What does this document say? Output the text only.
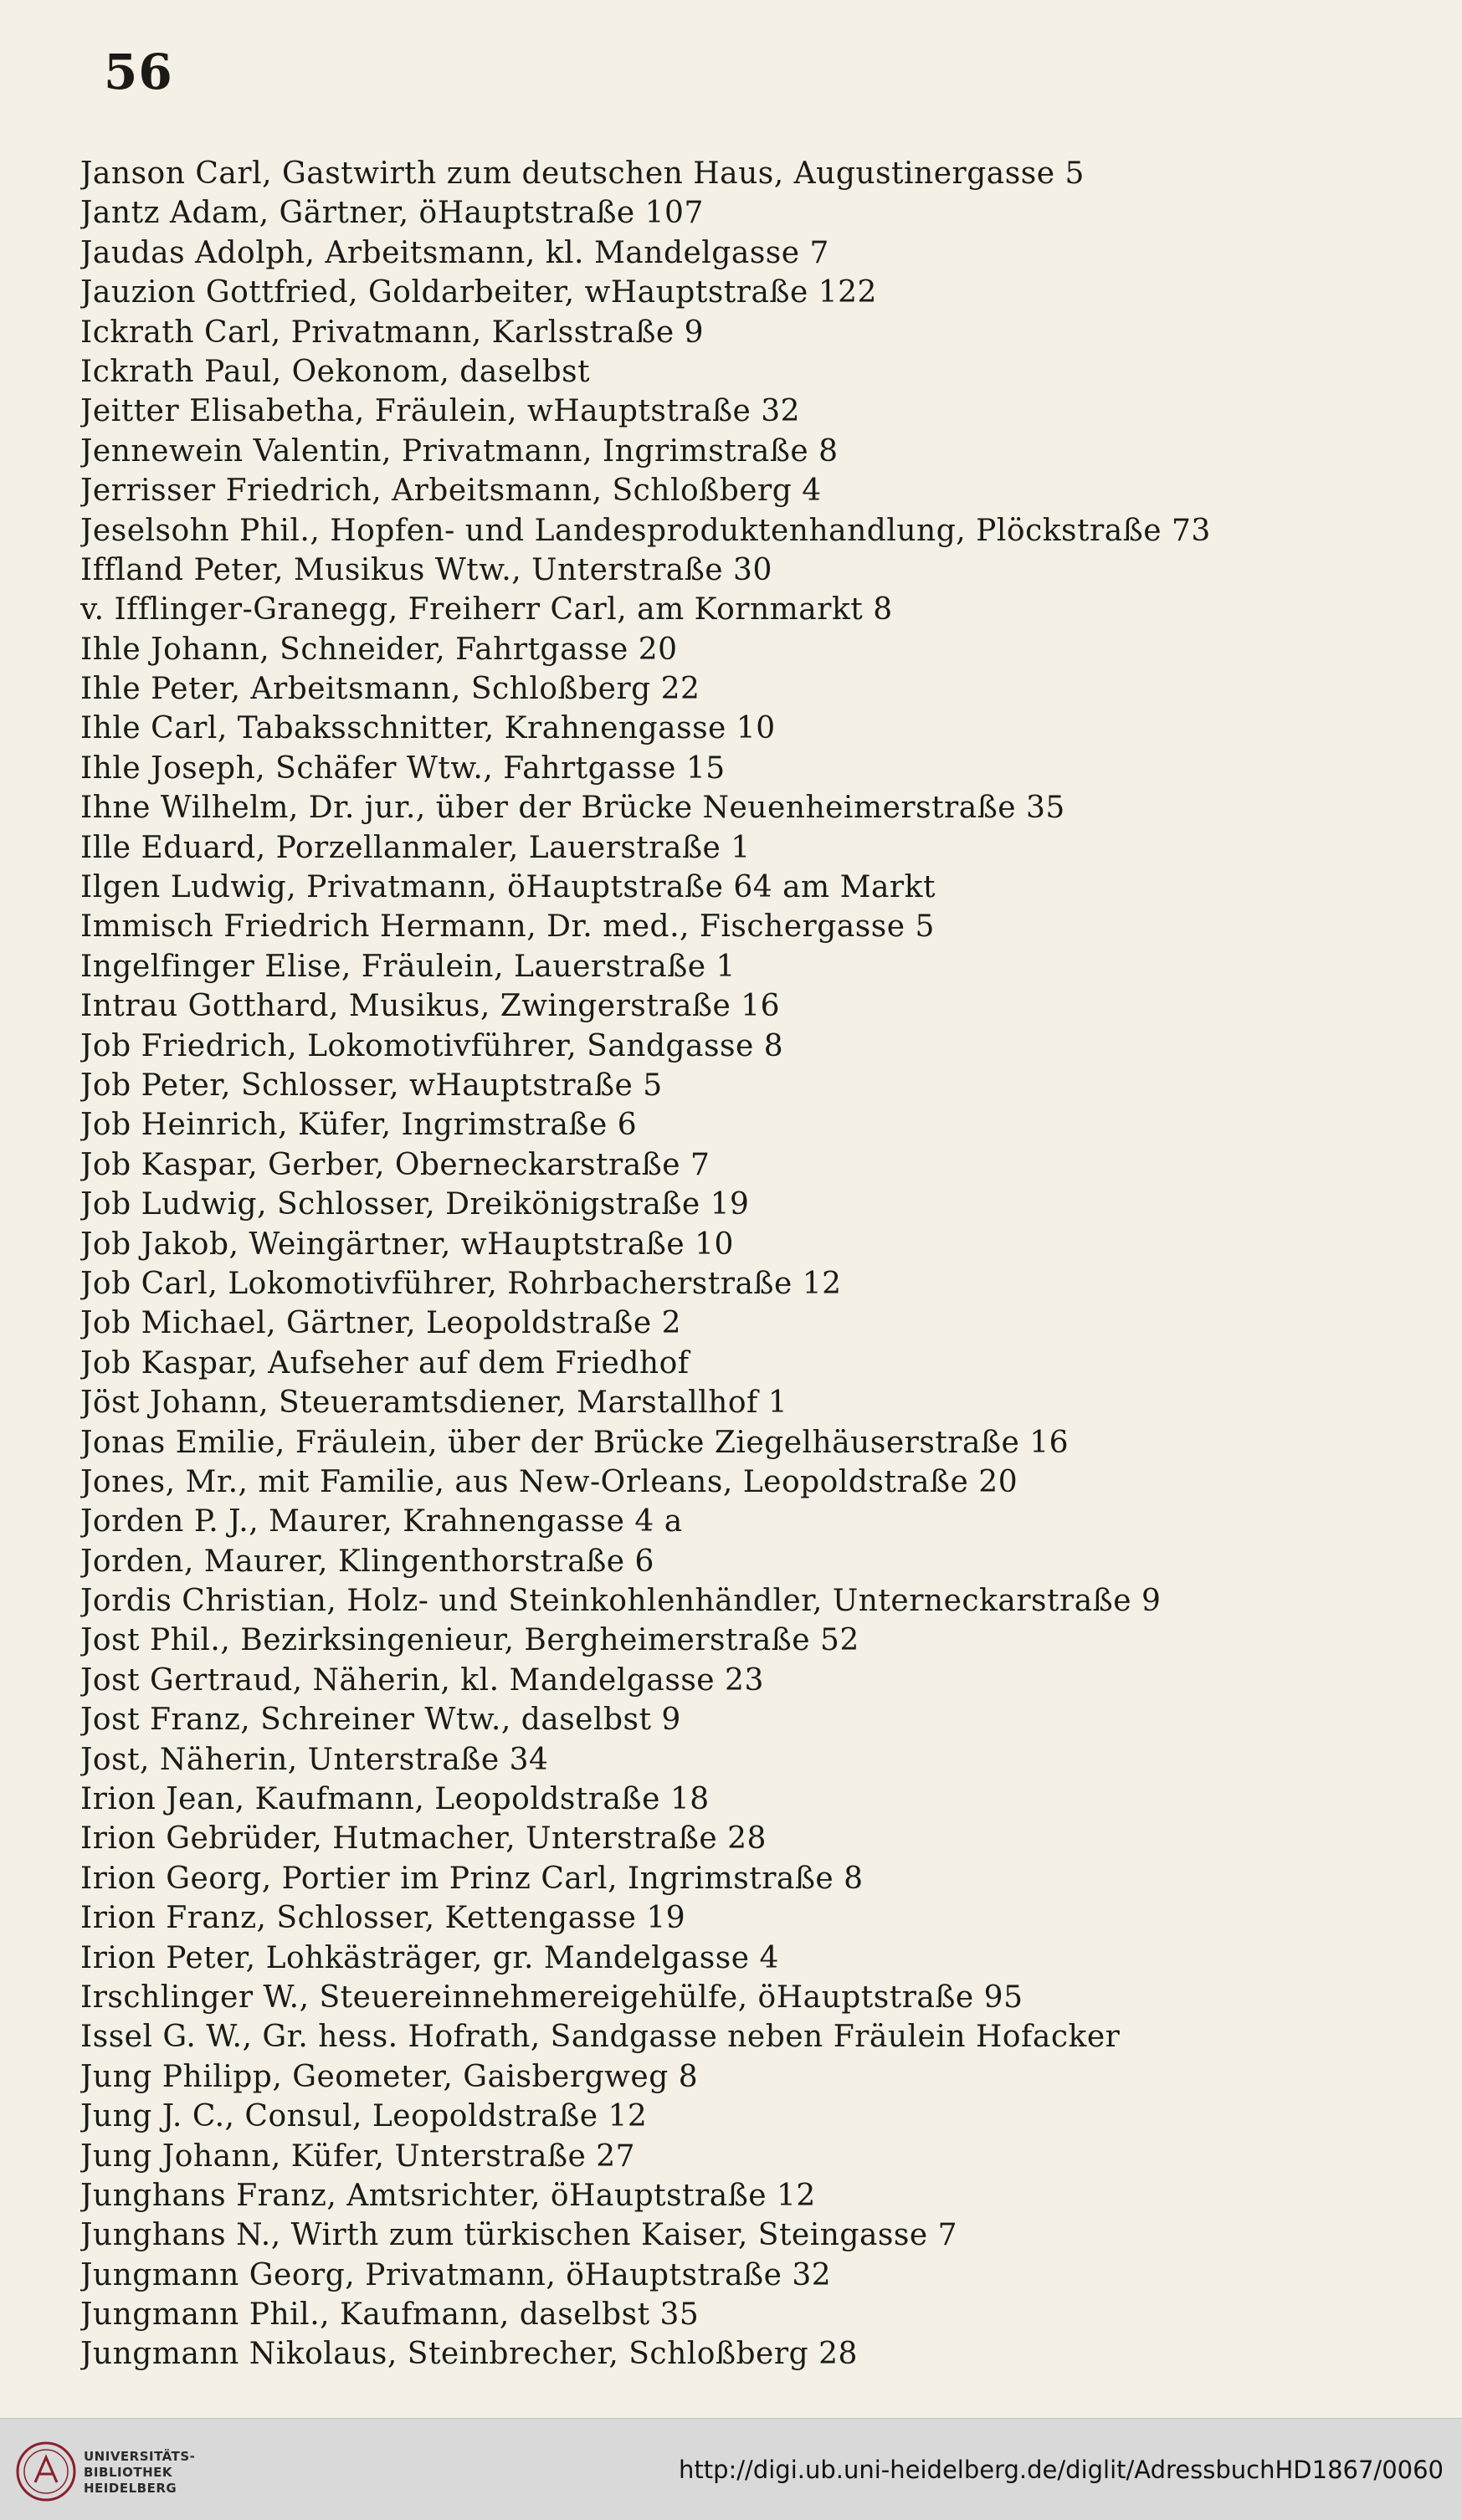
56
Janson Carl, Gastwirth zum deutschen Haus, Augustinergasse 5
Jantz Adam, Gärtner, öHauptstraße 107
Jaudas Adolph, Arbeitsmann, kl. Mandelgasse 7
Jauzion Gottfried, Goldarbeiter, wHauptstraße 122
Ickrath Carl, Privatmann, Karlsstraße 9
Ickrath Paul, Oekonom, daselbst
Jeitter Elisabetha, Fräulein, wHauptstraße 32
Jennewein Valentin, Privatmann, Ingrimstraße 8
Jerrisser Friedrich, Arbeitsmann, Schloßberg 4
Jeselsohn Phil., Hopfen- und Landesproduktenhandlung, Plöckstraße 73
Iffland Peter, Musikus Wtw., Unterstraße 30
v. Ifflinger-Granegg, Freiherr Carl, am Kornmarkt 8
Ihle Johann, Schneider, Fahrtgasse 20
Ihle Peter, Arbeitsmann, Schloßberg 22
Ihle Carl, Tabaksschnitter, Krahnengasse 10
Ihle Joseph, Schäfer Wtw., Fahrtgasse 15
Ihne Wilhelm, Dr. jur., über der Brücke Neuenheimerstraße 35
Ille Eduard, Porzellanmaler, Lauerstraße 1
Ilgen Ludwig, Privatmann, öHauptstraße 64 am Markt
Immisch Friedrich Hermann, Dr. med., Fischergasse 5
Ingelfinger Elise, Fräulein, Lauerstraße 1
Intrau Gotthard, Musikus, Zwingerstraße 16
Job Friedrich, Lokomotivführer, Sandgasse 8
Job Peter, Schlosser, wHauptstraße 5
Job Heinrich, Küfer, Ingrimstraße 6
Job Kaspar, Gerber, Oberneckarstraße 7
Job Ludwig, Schlosser, Dreikönigstraße 19
Job Jakob, Weingärtner, wHauptstraße 10
Job Carl, Lokomotivführer, Rohrbacherstraße 12
Job Michael, Gärtner, Leopoldstraße 2
Job Kaspar, Aufseher auf dem Friedhof
Jöst Johann, Steueramtsdiener, Marstallhof 1
Jonas Emilie, Fräulein, über der Brücke Ziegelhäuserstraße 16
Jones, Mr., mit Familie, aus New-Orleans, Leopoldstraße 20
Jorden P. J., Maurer, Krahnengasse 4 a
Jorden, Maurer, Klingenthorstraße 6
Jordis Christian, Holz- und Steinkohlenhändler, Unterneckarstraße 9
Jost Phil., Bezirksingenieur, Bergheimerstraße 52
Jost Gertraud, Näherin, kl. Mandelgasse 23
Jost Franz, Schreiner Wtw., daselbst 9
Jost, Näherin, Unterstraße 34
Irion Jean, Kaufmann, Leopoldstraße 18
Irion Gebrüder, Hutmacher, Unterstraße 28
Irion Georg, Portier im Prinz Carl, Ingrimstraße 8
Irion Franz, Schlosser, Kettengasse 19
Irion Peter, Lohkästräger, gr. Mandelgasse 4
Irschlinger W., Steuereinnehmereigehülfe, öHauptstraße 95
Issel G. W., Gr. hess. Hofrath, Sandgasse neben Fräulein Hofacker
Jung Philipp, Geometer, Gaisbergweg 8
Jung J. C., Consul, Leopoldstraße 12
Jung Johann, Küfer, Unterstraße 27
Junghans Franz, Amtsrichter, öHauptstraße 12
Junghans N., Wirth zum türkischen Kaiser, Steingasse 7
Jungmann Georg, Privatmann, öHauptstraße 32
Jungmann Phil., Kaufmann, daselbst 35
Jungmann Nikolaus, Steinbrecher, Schloßberg 28
UNIVERSITÄTS-
BIBLIOTHEK
HEIDELBERG
http://digi.ub.uni-heidelberg.de/diglit/AdressbuchHD1867/0060
